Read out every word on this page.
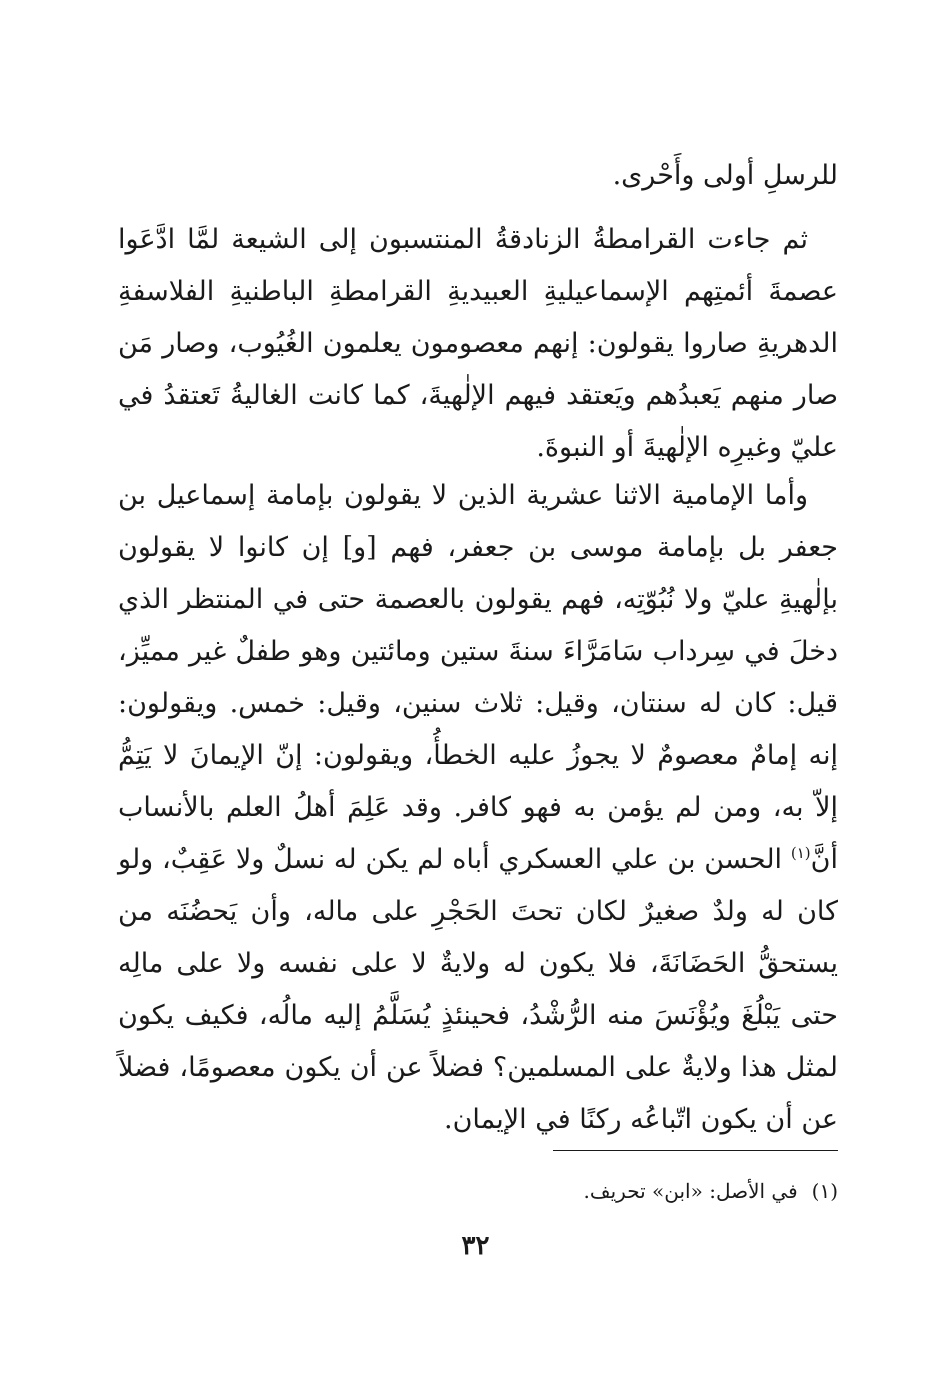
للرسلِ أولى وأَحْرى.

ثم جاءت القرامطةُ الزنادقةُ المنتسبون إلى الشيعة لمَّا ادَّعَوا عصمةَ أئمتِهم الإسماعيليةِ العبيديةِ القرامطةِ الباطنيةِ الفلاسفةِ الدهريةِ صاروا يقولون: إنهم معصومون يعلمون الغُيُوب، وصار مَن صار منهم يَعبدُهم ويَعتقد فيهم الإلٰهيةَ، كما كانت الغاليةُ تَعتقدُ في عليّ وغيرِه الإلٰهيةَ أو النبوةَ.

وأما الإمامية الاثنا عشرية الذين لا يقولون بإمامة إسماعيل بن جعفر بل بإمامة موسى بن جعفر، فهم [و] إن كانوا لا يقولون بإلٰهيةِ عليّ ولا نُبُوّتِه، فهم يقولون بالعصمة حتى في المنتظر الذي دخلَ في سِرداب سَامَرَّاءَ سنةَ ستين ومائتين وهو طفلٌ غير مميِّز، قيل: كان له سنتان، وقيل: ثلاث سنين، وقيل: خمس. ويقولون: إنه إمامٌ معصومٌ لا يجوزُ عليه الخطأُ، ويقولون: إنّ الإيمانَ لا يَتِمُّ إلاّ به، ومن لم يؤمن به فهو كافر. وقد عَلِمَ أهلُ العلم بالأنساب أنَّ$^{(١)}$ الحسن بن علي العسكري أباه لم يكن له نسلٌ ولا عَقِبٌ، ولو كان له ولدٌ صغيرٌ لكان تحتَ الحَجْرِ على ماله، وأن يَحضُنَه من يستحقُّ الحَضَانَةَ، فلا يكون له ولايةٌ لا على نفسه ولا على مالِه حتى يَبْلُغَ ويُؤْنَسَ منه الرُّشْدُ، فحينئذٍ يُسَلَّمُ إليه مالُه، فكيف يكون لمثل هذا ولايةٌ على المسلمين؟ فضلاً عن أن يكون معصومًا، فضلاً عن أن يكون اتّباعُه ركنًا في الإيمان.

(١)في الأصل: «ابن» تحريف.
٣٢
